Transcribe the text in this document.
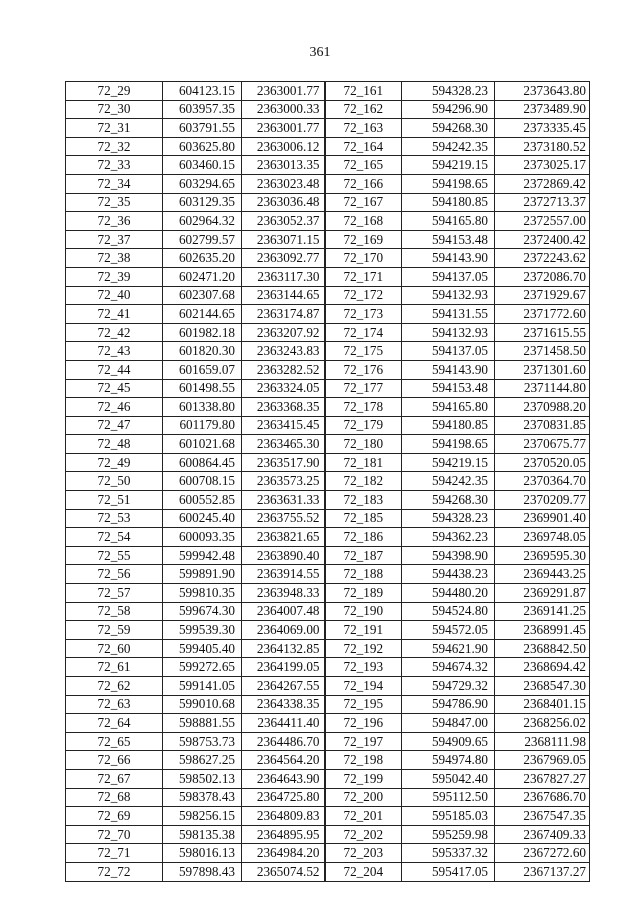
361
72_29	604123.15	2363001.77	72_161	594328.23	2373643.80
72_30	603957.35	2363000.33	72_162	594296.90	2373489.90
72_31	603791.55	2363001.77	72_163	594268.30	2373335.45
72_32	603625.80	2363006.12	72_164	594242.35	2373180.52
72_33	603460.15	2363013.35	72_165	594219.15	2373025.17
72_34	603294.65	2363023.48	72_166	594198.65	2372869.42
72_35	603129.35	2363036.48	72_167	594180.85	2372713.37
72_36	602964.32	2363052.37	72_168	594165.80	2372557.00
72_37	602799.57	2363071.15	72_169	594153.48	2372400.42
72_38	602635.20	2363092.77	72_170	594143.90	2372243.62
72_39	602471.20	2363117.30	72_171	594137.05	2372086.70
72_40	602307.68	2363144.65	72_172	594132.93	2371929.67
72_41	602144.65	2363174.87	72_173	594131.55	2371772.60
72_42	601982.18	2363207.92	72_174	594132.93	2371615.55
72_43	601820.30	2363243.83	72_175	594137.05	2371458.50
72_44	601659.07	2363282.52	72_176	594143.90	2371301.60
72_45	601498.55	2363324.05	72_177	594153.48	2371144.80
72_46	601338.80	2363368.35	72_178	594165.80	2370988.20
72_47	601179.80	2363415.45	72_179	594180.85	2370831.85
72_48	601021.68	2363465.30	72_180	594198.65	2370675.77
72_49	600864.45	2363517.90	72_181	594219.15	2370520.05
72_50	600708.15	2363573.25	72_182	594242.35	2370364.70
72_51	600552.85	2363631.33	72_183	594268.30	2370209.77
72_53	600245.40	2363755.52	72_185	594328.23	2369901.40
72_54	600093.35	2363821.65	72_186	594362.23	2369748.05
72_55	599942.48	2363890.40	72_187	594398.90	2369595.30
72_56	599891.90	2363914.55	72_188	594438.23	2369443.25
72_57	599810.35	2363948.33	72_189	594480.20	2369291.87
72_58	599674.30	2364007.48	72_190	594524.80	2369141.25
72_59	599539.30	2364069.00	72_191	594572.05	2368991.45
72_60	599405.40	2364132.85	72_192	594621.90	2368842.50
72_61	599272.65	2364199.05	72_193	594674.32	2368694.42
72_62	599141.05	2364267.55	72_194	594729.32	2368547.30
72_63	599010.68	2364338.35	72_195	594786.90	2368401.15
72_64	598881.55	2364411.40	72_196	594847.00	2368256.02
72_65	598753.73	2364486.70	72_197	594909.65	2368111.98
72_66	598627.25	2364564.20	72_198	594974.80	2367969.05
72_67	598502.13	2364643.90	72_199	595042.40	2367827.27
72_68	598378.43	2364725.80	72_200	595112.50	2367686.70
72_69	598256.15	2364809.83	72_201	595185.03	2367547.35
72_70	598135.38	2364895.95	72_202	595259.98	2367409.33
72_71	598016.13	2364984.20	72_203	595337.32	2367272.60
72_72	597898.43	2365074.52	72_204	595417.05	2367137.27
